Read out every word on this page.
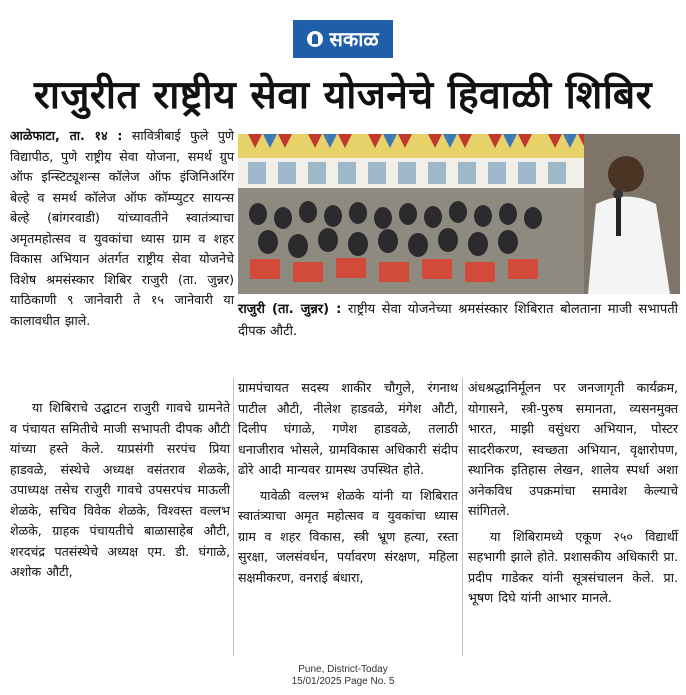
सकाळ
राजुरीत राष्ट्रीय सेवा योजनेचे हिवाळी शिबिर

आळेफाटा, ता. १४ : सावित्रीबाई फुले पुणे विद्यापीठ, पुणे राष्ट्रीय सेवा योजना, समर्थ ग्रुप ऑफ इन्स्टिट्यूशन्स कॉलेज ऑफ इंजिनिअरिंग बेल्हे व समर्थ कॉलेज ऑफ कॉम्प्युटर सायन्स बेल्हे (बांगरवाडी) यांच्यावतीने स्वातंत्र्याचा अमृतमहोत्सव व युवकांचा ध्यास ग्राम व शहर विकास अभियान अंतर्गत राष्ट्रीय सेवा योजनेचे विशेष श्रमसंस्कार शिबिर राजुरी (ता. जुन्नर) याठिकाणी ९ जानेवारी ते १५ जानेवारी या कालावधीत झाले.

या शिबिराचे उद्घाटन राजुरी गावचे ग्रामनेते व पंचायत समितीचे माजी सभापती दीपक औटी यांच्या हस्ते केले. याप्रसंगी सरपंच प्रिया हाडवळे, संस्थेचे अध्यक्ष वसंतराव शेळके, उपाध्यक्ष तसेच राजुरी गावचे उपसरपंच माऊली शेळके, सचिव विवेक शेळके, विश्वस्त वल्लभ शेळके, ग्राहक पंचायतीचे बाळासाहेब औटी, शरदचंद्र पतसंस्थेचे अध्यक्ष एम. डी. घंगाळे, अशोक औटी,

राजुरी (ता. जुन्नर) : राष्ट्रीय सेवा योजनेच्या श्रमसंस्कार शिबिरात बोलताना माजी सभापती दीपक औटी.

ग्रामपंचायत सदस्य शाकीर चौगुले, रंगनाथ पाटील औटी, नीलेश हाडवळे, मंगेश औटी, दिलीप घंगाळे, गणेश हाडवळे, तलाठी धनाजीराव भोसले, ग्रामविकास अधिकारी संदीप ढोरे आदी मान्यवर ग्रामस्थ उपस्थित होते.

यावेळी वल्लभ शेळके यांनी या शिबिरात स्वातंत्र्याचा अमृत महोत्सव व युवकांचा ध्यास ग्राम व शहर विकास, स्त्री भ्रूण हत्या, रस्ता सुरक्षा, जलसंवर्धन, पर्यावरण संरक्षण, महिला सक्षमीकरण, वनराई बंधारा,

अंधश्रद्धानिर्मूलन पर जनजागृती कार्यक्रम, योगासने, स्त्री-पुरुष समानता, व्यसनमुक्त भारत, माझी वसुंधरा अभियान, पोस्टर सादरीकरण, स्वच्छता अभियान, वृक्षारोपण, स्थानिक इतिहास लेखन, शालेय स्पर्धा अशा अनेकविध उपक्रमांचा समावेश केल्याचे सांगितले.

या शिबिरामध्ये एकूण २५० विद्यार्थी सहभागी झाले होते. प्रशासकीय अधिकारी प्रा. प्रदीप गाडेकर यांनी सूत्रसंचालन केले. प्रा. भूषण दिघे यांनी आभार मानले.

Pune, District-Today
15/01/2025 Page No. 5
